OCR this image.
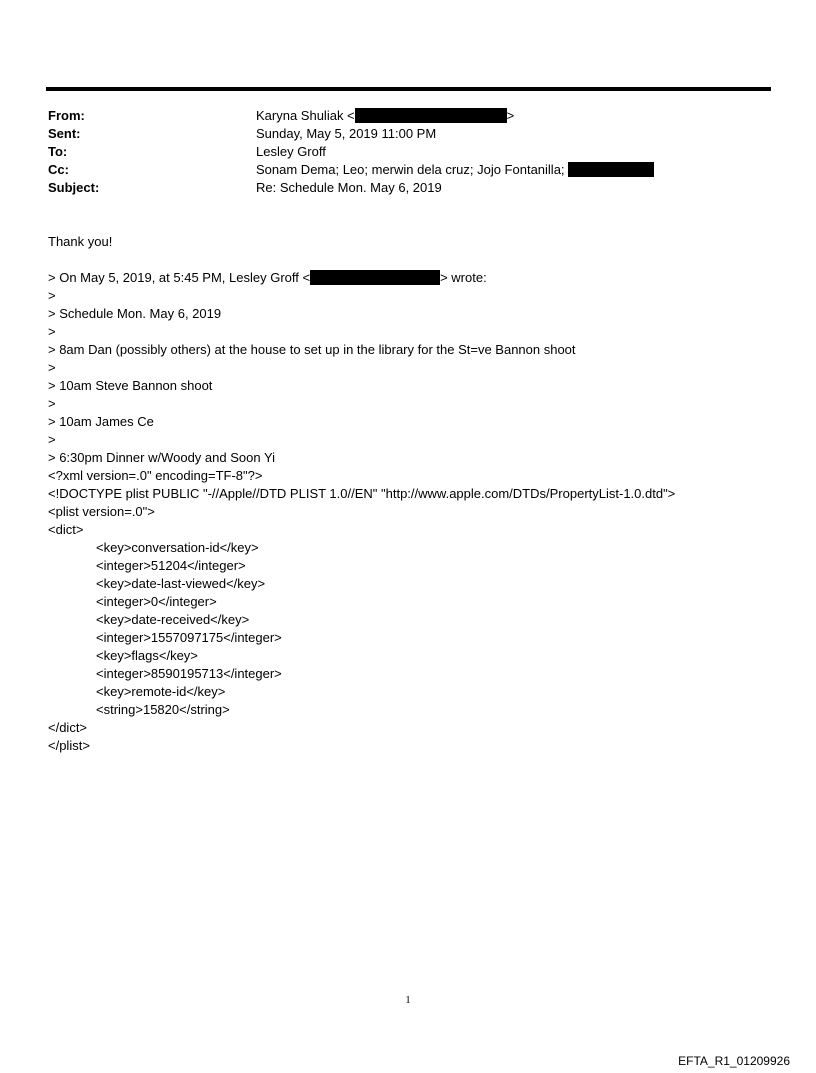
From:	Karyna Shuliak <	>
Sent:	Sunday, May 5, 2019 11:00 PM
To:	Lesley Groff
Cc:	Sonam Dema; Leo; merwin dela cruz; Jojo Fontanilla;
Subject:	Re: Schedule Mon. May 6, 2019
Thank you!
> On May 5, 2019, at 5:45 PM, Lesley Groff <	> wrote:
>
> Schedule Mon. May 6, 2019
>
> 8am Dan (possibly others) at the house to set up in the library for the St=ve Bannon shoot
>
> 10am Steve Bannon shoot
>
> 10am James Ce
>
> 6:30pm Dinner w/Woody and Soon Yi
<?xml version=.0" encoding=TF-8"?>
<!DOCTYPE plist PUBLIC "-//Apple//DTD PLIST 1.0//EN" "http://www.apple.com/DTDs/PropertyList-1.0.dtd">
<plist version=.0">
<dict>
<key>conversation-id</key>
<integer>51204</integer>
<key>date-last-viewed</key>
<integer>0</integer>
<key>date-received</key>
<integer>1557097175</integer>
<key>flags</key>
<integer>8590195713</integer>
<key>remote-id</key>
<string>15820</string>
</dict>
</plist>
1
EFTA_R1_01209926
